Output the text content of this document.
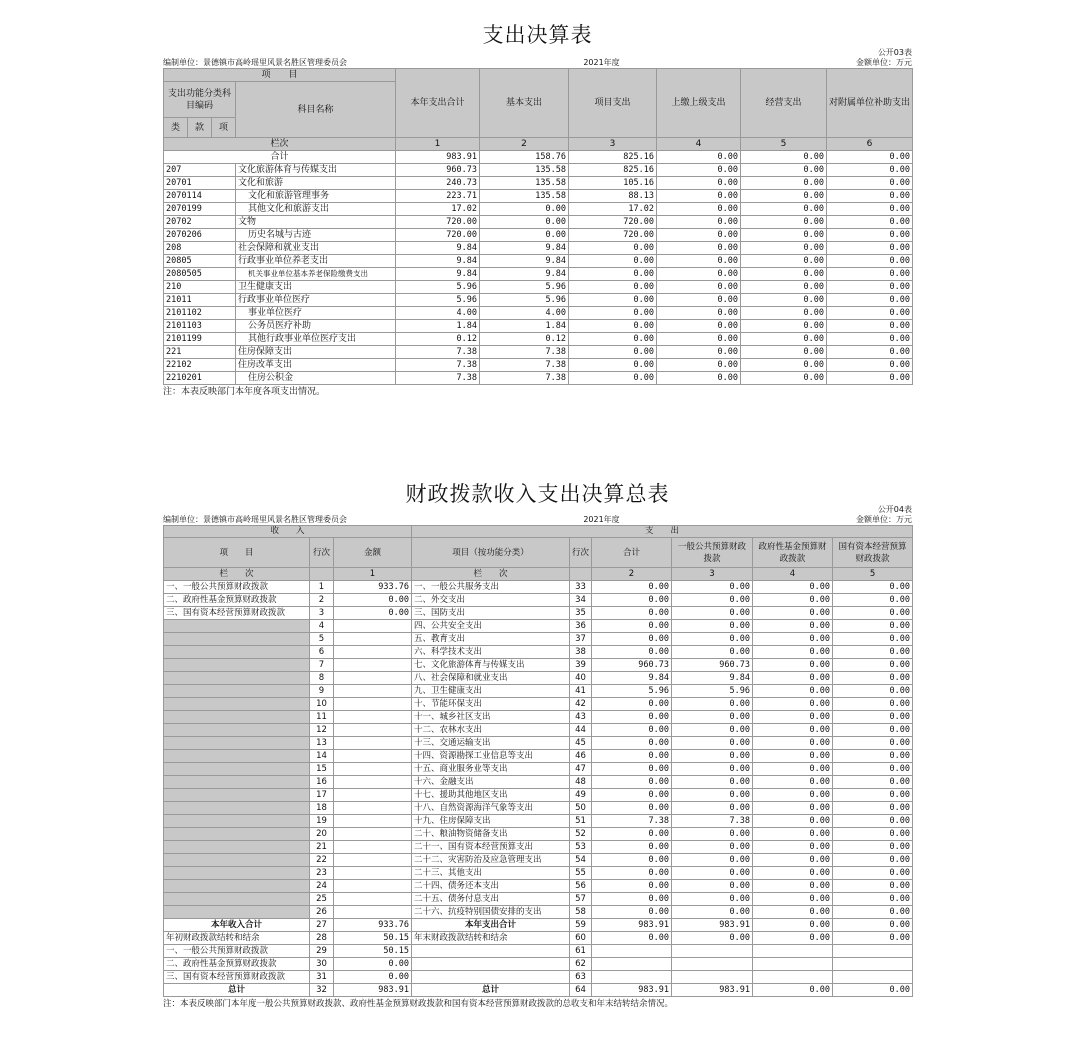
支出决算表
公开03表
编制单位：景德镇市高岭瑶里风景名胜区管理委员会	2021年度	金额单位：万元
项　　目				本年支出合计	基本支出	项目支出	上缴上级支出	经营支出	对附属单位补助支出
支出功能分类科目编码			科目名称						
类	款	项							
栏次				1	2	3	4	5	6
合计				983.91	158.76	825.16	0.00	0.00	0.00
207			文化旅游体育与传媒支出	960.73	135.58	825.16	0.00	0.00	0.00
20701			文化和旅游	240.73	135.58	105.16	0.00	0.00	0.00
2070114			文化和旅游管理事务	223.71	135.58	88.13	0.00	0.00	0.00
2070199			其他文化和旅游支出	17.02	0.00	17.02	0.00	0.00	0.00
20702			文物	720.00	0.00	720.00	0.00	0.00	0.00
2070206			历史名城与古迹	720.00	0.00	720.00	0.00	0.00	0.00
208			社会保障和就业支出	9.84	9.84	0.00	0.00	0.00	0.00
20805			行政事业单位养老支出	9.84	9.84	0.00	0.00	0.00	0.00
2080505			机关事业单位基本养老保险缴费支出	9.84	9.84	0.00	0.00	0.00	0.00
210			卫生健康支出	5.96	5.96	0.00	0.00	0.00	0.00
21011			行政事业单位医疗	5.96	5.96	0.00	0.00	0.00	0.00
2101102			事业单位医疗	4.00	4.00	0.00	0.00	0.00	0.00
2101103			公务员医疗补助	1.84	1.84	0.00	0.00	0.00	0.00
2101199			其他行政事业单位医疗支出	0.12	0.12	0.00	0.00	0.00	0.00
221			住房保障支出	7.38	7.38	0.00	0.00	0.00	0.00
22102			住房改革支出	7.38	7.38	0.00	0.00	0.00	0.00
2210201			住房公积金	7.38	7.38	0.00	0.00	0.00	0.00
注：本表反映部门本年度各项支出情况。
财政拨款收入支出决算总表
公开04表
编制单位：景德镇市高岭瑶里风景名胜区管理委员会	2021年度	金额单位：万元
收　　入			支　　出					
项　　目	行次	金额	项目（按功能分类）	行次	合计	一般公共预算财政拨款	政府性基金预算财政拨款	国有资本经营预算财政拨款
栏　　次		1	栏　　次		2	3	4	5
一、一般公共预算财政拨款	1	933.76	一、一般公共服务支出	33	0.00	0.00	0.00	0.00
二、政府性基金预算财政拨款	2	0.00	二、外交支出	34	0.00	0.00	0.00	0.00
三、国有资本经营预算财政拨款	3	0.00	三、国防支出	35	0.00	0.00	0.00	0.00
	4		四、公共安全支出	36	0.00	0.00	0.00	0.00
	5		五、教育支出	37	0.00	0.00	0.00	0.00
	6		六、科学技术支出	38	0.00	0.00	0.00	0.00
	7		七、文化旅游体育与传媒支出	39	960.73	960.73	0.00	0.00
	8		八、社会保障和就业支出	40	9.84	9.84	0.00	0.00
	9		九、卫生健康支出	41	5.96	5.96	0.00	0.00
	10		十、节能环保支出	42	0.00	0.00	0.00	0.00
	11		十一、城乡社区支出	43	0.00	0.00	0.00	0.00
	12		十二、农林水支出	44	0.00	0.00	0.00	0.00
	13		十三、交通运输支出	45	0.00	0.00	0.00	0.00
	14		十四、资源勘探工业信息等支出	46	0.00	0.00	0.00	0.00
	15		十五、商业服务业等支出	47	0.00	0.00	0.00	0.00
	16		十六、金融支出	48	0.00	0.00	0.00	0.00
	17		十七、援助其他地区支出	49	0.00	0.00	0.00	0.00
	18		十八、自然资源海洋气象等支出	50	0.00	0.00	0.00	0.00
	19		十九、住房保障支出	51	7.38	7.38	0.00	0.00
	20		二十、粮油物资储备支出	52	0.00	0.00	0.00	0.00
	21		二十一、国有资本经营预算支出	53	0.00	0.00	0.00	0.00
	22		二十二、灾害防治及应急管理支出	54	0.00	0.00	0.00	0.00
	23		二十三、其他支出	55	0.00	0.00	0.00	0.00
	24		二十四、债务还本支出	56	0.00	0.00	0.00	0.00
	25		二十五、债务付息支出	57	0.00	0.00	0.00	0.00
	26		二十六、抗疫特别国债安排的支出	58	0.00	0.00	0.00	0.00
本年收入合计	27	933.76	本年支出合计	59	983.91	983.91	0.00	0.00
年初财政拨款结转和结余	28	50.15	年末财政拨款结转和结余	60	0.00	0.00	0.00	0.00
一、一般公共预算财政拨款	29	50.15		61				
二、政府性基金预算财政拨款	30	0.00		62				
三、国有资本经营预算财政拨款	31	0.00		63				
总计	32	983.91	总计	64	983.91	983.91	0.00	0.00
注：本表反映部门本年度一般公共预算财政拨款、政府性基金预算财政拨款和国有资本经营预算财政拨款的总收支和年末结转结余情况。
